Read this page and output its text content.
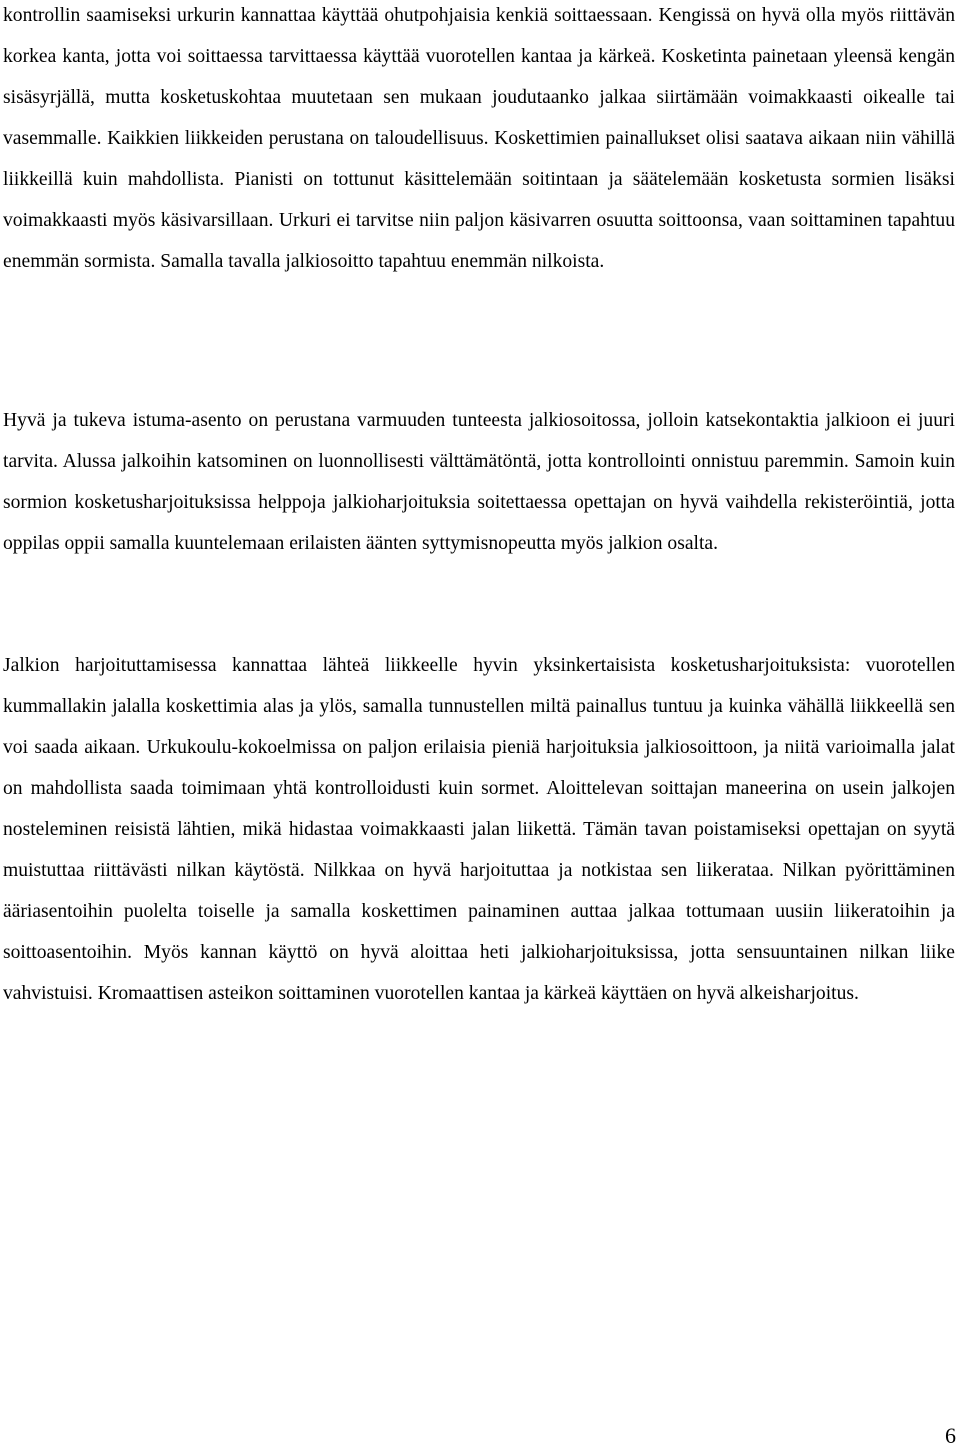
kontrollin saamiseksi urkurin kannattaa käyttää ohutpohjaisia kenkiä soittaessaan. Kengissä on hyvä olla myös riittävän korkea kanta, jotta voi soittaessa tarvittaessa käyttää vuorotellen kantaa ja kärkeä. Kosketinta painetaan yleensä kengän sisäsyrjällä, mutta kosketuskohtaa muutetaan sen mukaan joudutaanko jalkaa siirtämään voimakkaasti oikealle tai vasemmalle. Kaikkien liikkeiden perustana on taloudellisuus. Koskettimien painallukset olisi saatava aikaan niin vähillä liikkeillä kuin mahdollista. Pianisti on tottunut käsittelemään soitintaan ja säätelemään kosketusta sormien lisäksi voimakkaasti myös käsivarsillaan. Urkuri ei tarvitse niin paljon käsivarren osuutta soittoonsa, vaan soittaminen tapahtuu enemmän sormista. Samalla tavalla jalkiosoitto tapahtuu enemmän nilkoista.

Hyvä ja tukeva istuma-asento on perustana varmuuden tunteesta jalkiosoitossa, jolloin katsekontaktia jalkioon ei juuri tarvita. Alussa jalkoihin katsominen on luonnollisesti välttämätöntä, jotta kontrollointi onnistuu paremmin. Samoin kuin sormion kosketusharjoituksissa helppoja jalkioharjoituksia soitettaessa opettajan on hyvä vaihdella rekisteröintiä, jotta oppilas oppii samalla kuuntelemaan erilaisten äänten syttymisnopeutta myös jalkion osalta.

Jalkion harjoituttamisessa kannattaa lähteä liikkeelle hyvin yksinkertaisista kosketusharjoituksista: vuorotellen kummallakin jalalla koskettimia alas ja ylös, samalla tunnustellen miltä painallus tuntuu ja kuinka vähällä liikkeellä sen voi saada aikaan. Urkukoulu-kokoelmissa on paljon erilaisia pieniä harjoituksia jalkiosoittoon, ja niitä varioimalla jalat on mahdollista saada toimimaan yhtä kontrolloidusti kuin sormet. Aloittelevan soittajan maneerina on usein jalkojen nosteleminen reisistä lähtien, mikä hidastaa voimakkaasti jalan liikettä. Tämän tavan poistamiseksi opettajan on syytä muistuttaa riittävästi nilkan käytöstä. Nilkkaa on hyvä harjoituttaa ja notkistaa sen liikerataa. Nilkan pyörittäminen ääriasentoihin puolelta toiselle ja samalla koskettimen painaminen auttaa jalkaa tottumaan uusiin liikeratoihin ja soittoasentoihin. Myös kannan käyttö on hyvä aloittaa heti jalkioharjoituksissa, jotta sensuuntainen nilkan liike vahvistuisi. Kromaattisen asteikon soittaminen vuorotellen kantaa ja kärkeä käyttäen on hyvä alkeisharjoitus.

6
